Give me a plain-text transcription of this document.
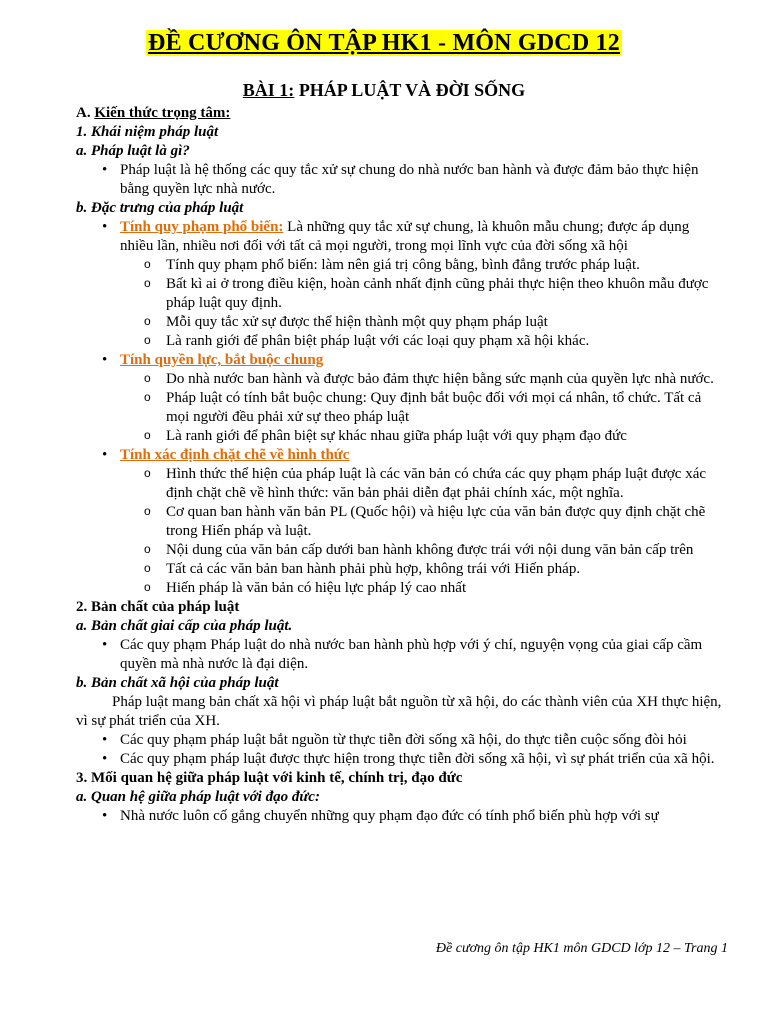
ĐỀ CƯƠNG ÔN TẬP HK1 - MÔN GDCD 12
BÀI 1: PHÁP LUẬT VÀ ĐỜI SỐNG

A. Kiến thức trọng tâm:

1. Khái niệm pháp luật

a. Pháp luật là gì?

• Pháp luật là hệ thống các quy tắc xử sự chung do nhà nước ban hành và được đảm bảo thực hiện bằng quyền lực nhà nước.

b. Đặc trưng của pháp luật

• Tính quy phạm phổ biến: Là những quy tắc xử sự chung, là khuôn mẫu chung; được áp dụng nhiều lần, nhiều nơi đối với tất cả mọi người, trong mọi lĩnh vực của đời sống xã hội
o Tính quy phạm phổ biến: làm nên giá trị công bằng, bình đẳng trước pháp luật.
o Bất kì ai ở trong điều kiện, hoàn cảnh nhất định cũng phải thực hiện theo khuôn mẫu được pháp luật quy định.
o Mỗi quy tắc xử sự được thể hiện thành một quy phạm pháp luật
o Là ranh giới để phân biệt pháp luật với các loại quy phạm xã hội khác.
• Tính quyền lực, bắt buộc chung
o Do nhà nước ban hành và được bảo đảm thực hiện bằng sức mạnh của quyền lực nhà nước.
o Pháp luật có tính bắt buộc chung: Quy định bắt buộc đối với mọi cá nhân, tổ chức. Tất cả mọi người đều phải xử sự theo pháp luật
o Là ranh giới để phân biệt sự khác nhau giữa pháp luật với quy phạm đạo đức
• Tính xác định chặt chẽ về hình thức
o Hình thức thể hiện của pháp luật là các văn bản có chứa các quy phạm pháp luật được xác định chặt chẽ về hình thức: văn bản phải diễn đạt phải chính xác, một nghĩa.
o Cơ quan ban hành văn bản PL (Quốc hội) và hiệu lực của văn bản được quy định chặt chẽ trong Hiến pháp và luật.
o Nội dung của văn bản cấp dưới ban hành không được trái với nội dung văn bản cấp trên
o Tất cả các văn bản ban hành phải phù hợp, không trái với Hiến pháp.
o Hiến pháp là văn bản có hiệu lực pháp lý cao nhất

2. Bản chất của pháp luật

a. Bản chất giai cấp của pháp luật.

• Các quy phạm Pháp luật do nhà nước ban hành phù hợp với ý chí, nguyện vọng của giai cấp cầm quyền mà nhà nước là đại diện.

b. Bản chất xã hội của pháp luật

Pháp luật mang bản chất xã hội vì pháp luật bắt nguồn từ xã hội, do các thành viên của XH thực hiện, vì sự phát triển của XH.

• Các quy phạm pháp luật bắt nguồn từ thực tiễn đời sống xã hội, do thực tiễn cuộc sống đòi hỏi
• Các quy phạm pháp luật được thực hiện trong thực tiễn đời sống xã hội, vì sự phát triển của xã hội.

3. Mối quan hệ giữa pháp luật với kinh tế, chính trị, đạo đức

a. Quan hệ giữa pháp luật với đạo đức:

• Nhà nước luôn cố gắng chuyển những quy phạm đạo đức có tính phổ biến phù hợp với sự
Đề cương ôn tập HK1 môn GDCD lớp 12 – Trang 1
